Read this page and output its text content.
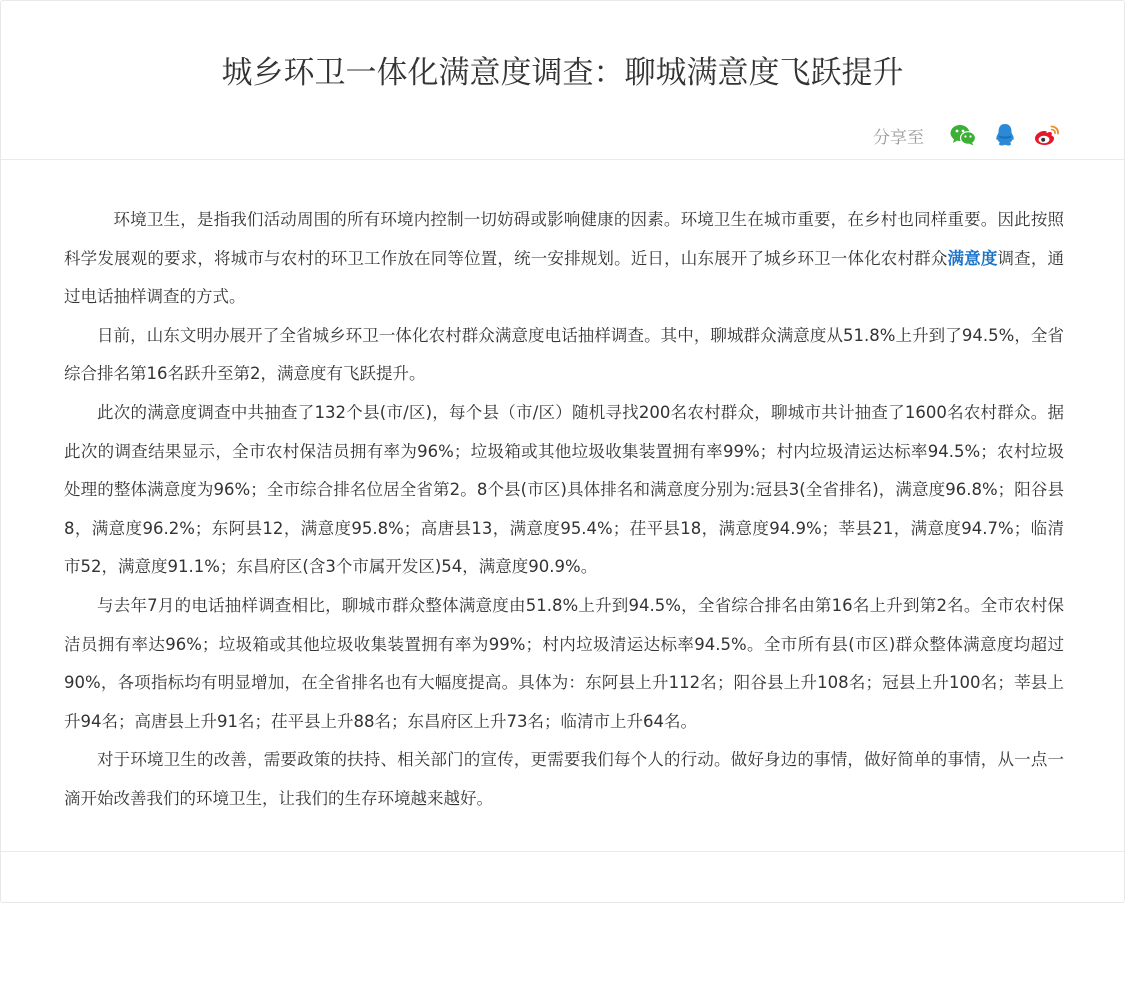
城乡环卫一体化满意度调查：聊城满意度飞跃提升
分享至

环境卫生，是指我们活动周围的所有环境内控制一切妨碍或影响健康的因素。环境卫生在城市重要，在乡村也同样重要。因此按照科学发展观的要求，将城市与农村的环卫工作放在同等位置，统一安排规划。近日，山东展开了城乡环卫一体化农村群众满意度调查，通过电话抽样调查的方式。

日前，山东文明办展开了全省城乡环卫一体化农村群众满意度电话抽样调查。其中，聊城群众满意度从51.8%上升到了94.5%，全省综合排名第16名跃升至第2，满意度有飞跃提升。

此次的满意度调查中共抽查了132个县(市/区)，每个县（市/区）随机寻找200名农村群众，聊城市共计抽查了1600名农村群众。据此次的调查结果显示，全市农村保洁员拥有率为96%；垃圾箱或其他垃圾收集装置拥有率99%；村内垃圾清运达标率94.5%；农村垃圾处理的整体满意度为96%；全市综合排名位居全省第2。8个县(市区)具体排名和满意度分别为:冠县3(全省排名)，满意度96.8%；阳谷县8，满意度96.2%；东阿县12，满意度95.8%；高唐县13，满意度95.4%；茌平县18，满意度94.9%；莘县21，满意度94.7%；临清市52，满意度91.1%；东昌府区(含3个市属开发区)54，满意度90.9%。

与去年7月的电话抽样调查相比，聊城市群众整体满意度由51.8%上升到94.5%，全省综合排名由第16名上升到第2名。全市农村保洁员拥有率达96%；垃圾箱或其他垃圾收集装置拥有率为99%；村内垃圾清运达标率94.5%。全市所有县(市区)群众整体满意度均超过90%，各项指标均有明显增加，在全省排名也有大幅度提高。具体为：东阿县上升112名；阳谷县上升108名；冠县上升100名；莘县上升94名；高唐县上升91名；茌平县上升88名；东昌府区上升73名；临清市上升64名。

对于环境卫生的改善，需要政策的扶持、相关部门的宣传，更需要我们每个人的行动。做好身边的事情，做好简单的事情，从一点一滴开始改善我们的环境卫生，让我们的生存环境越来越好。
